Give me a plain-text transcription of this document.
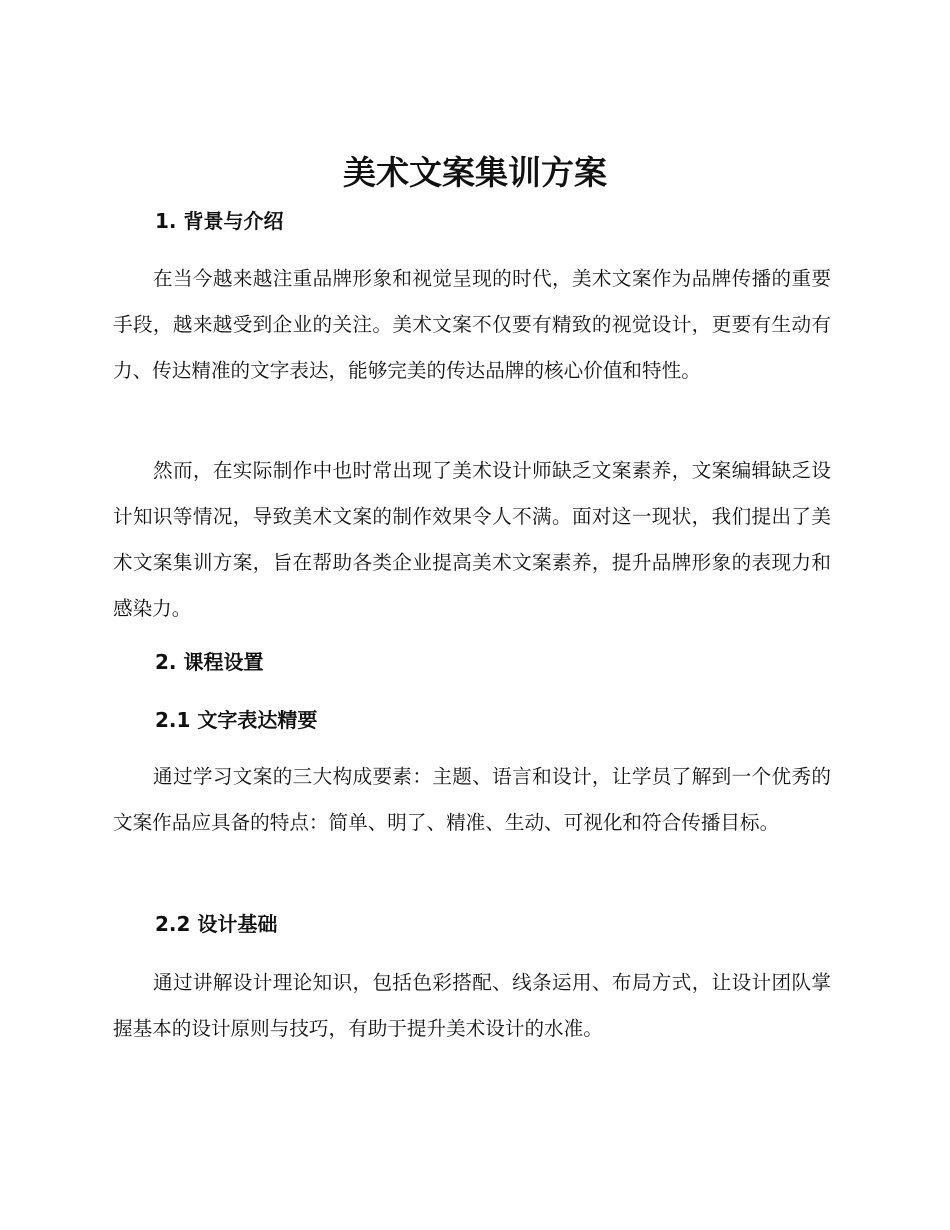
美术文案集训方案
1. 背景与介绍

在当今越来越注重品牌形象和视觉呈现的时代，美术文案作为品牌传播的重要手段，越来越受到企业的关注。美术文案不仅要有精致的视觉设计，更要有生动有力、传达精准的文字表达，能够完美的传达品牌的核心价值和特性。

然而，在实际制作中也时常出现了美术设计师缺乏文案素养，文案编辑缺乏设计知识等情况，导致美术文案的制作效果令人不满。面对这一现状，我们提出了美术文案集训方案，旨在帮助各类企业提高美术文案素养，提升品牌形象的表现力和感染力。

2. 课程设置
2.1 文字表达精要

通过学习文案的三大构成要素：主题、语言和设计，让学员了解到一个优秀的文案作品应具备的特点：简单、明了、精准、生动、可视化和符合传播目标。

2.2 设计基础

通过讲解设计理论知识，包括色彩搭配、线条运用、布局方式，让设计团队掌握基本的设计原则与技巧，有助于提升美术设计的水准。
